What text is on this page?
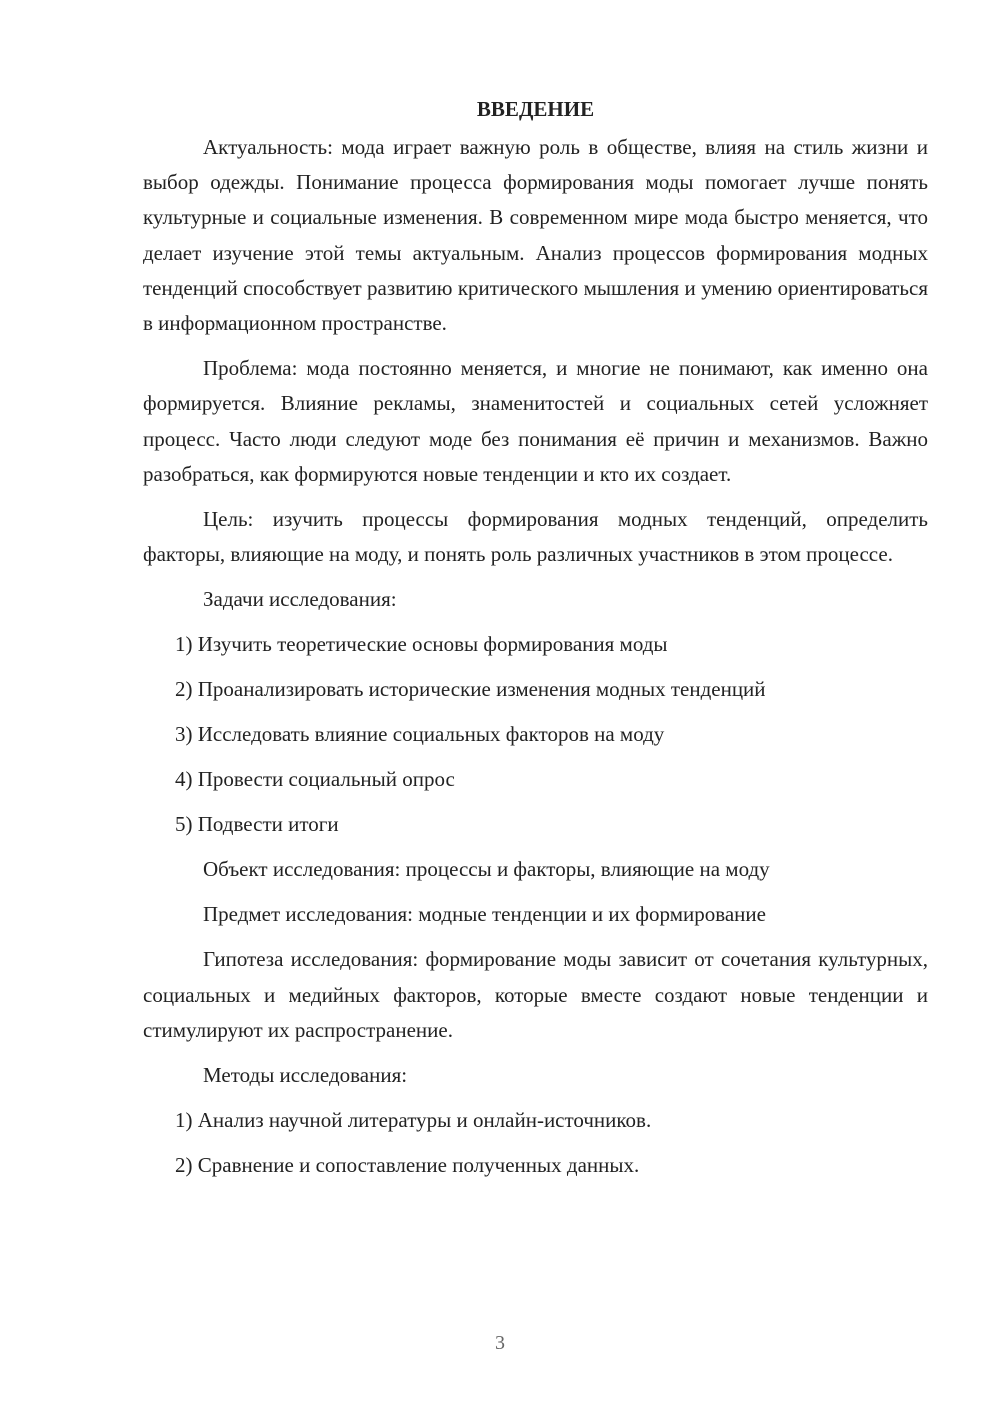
ВВЕДЕНИЕ

Актуальность: мода играет важную роль в обществе, влияя на стиль жизни и выбор одежды. Понимание процесса формирования моды помогает лучше понять культурные и социальные изменения. В современном мире мода быстро меняется, что делает изучение этой темы актуальным. Анализ процессов формирования модных тенденций способствует развитию критического мышления и умению ориентироваться в информационном пространстве.

Проблема: мода постоянно меняется, и многие не понимают, как именно она формируется. Влияние рекламы, знаменитостей и социальных сетей усложняет процесс. Часто люди следуют моде без понимания её причин и механизмов. Важно разобраться, как формируются новые тенденции и кто их создает.

Цель: изучить процессы формирования модных тенденций, определить факторы, влияющие на моду, и понять роль различных участников в этом процессе.

Задачи исследования:
1) Изучить теоретические основы формирования моды
2) Проанализировать исторические изменения модных тенденций
3) Исследовать влияние социальных факторов на моду
4) Провести социальный опрос
5) Подвести итоги
Объект исследования: процессы и факторы, влияющие на моду
Предмет исследования: модные тенденции и их формирование

Гипотеза исследования: формирование моды зависит от сочетания культурных, социальных и медийных факторов, которые вместе создают новые тенденции и стимулируют их распространение.

Методы исследования:
1) Анализ научной литературы и онлайн-источников.
2) Сравнение и сопоставление полученных данных.
3
